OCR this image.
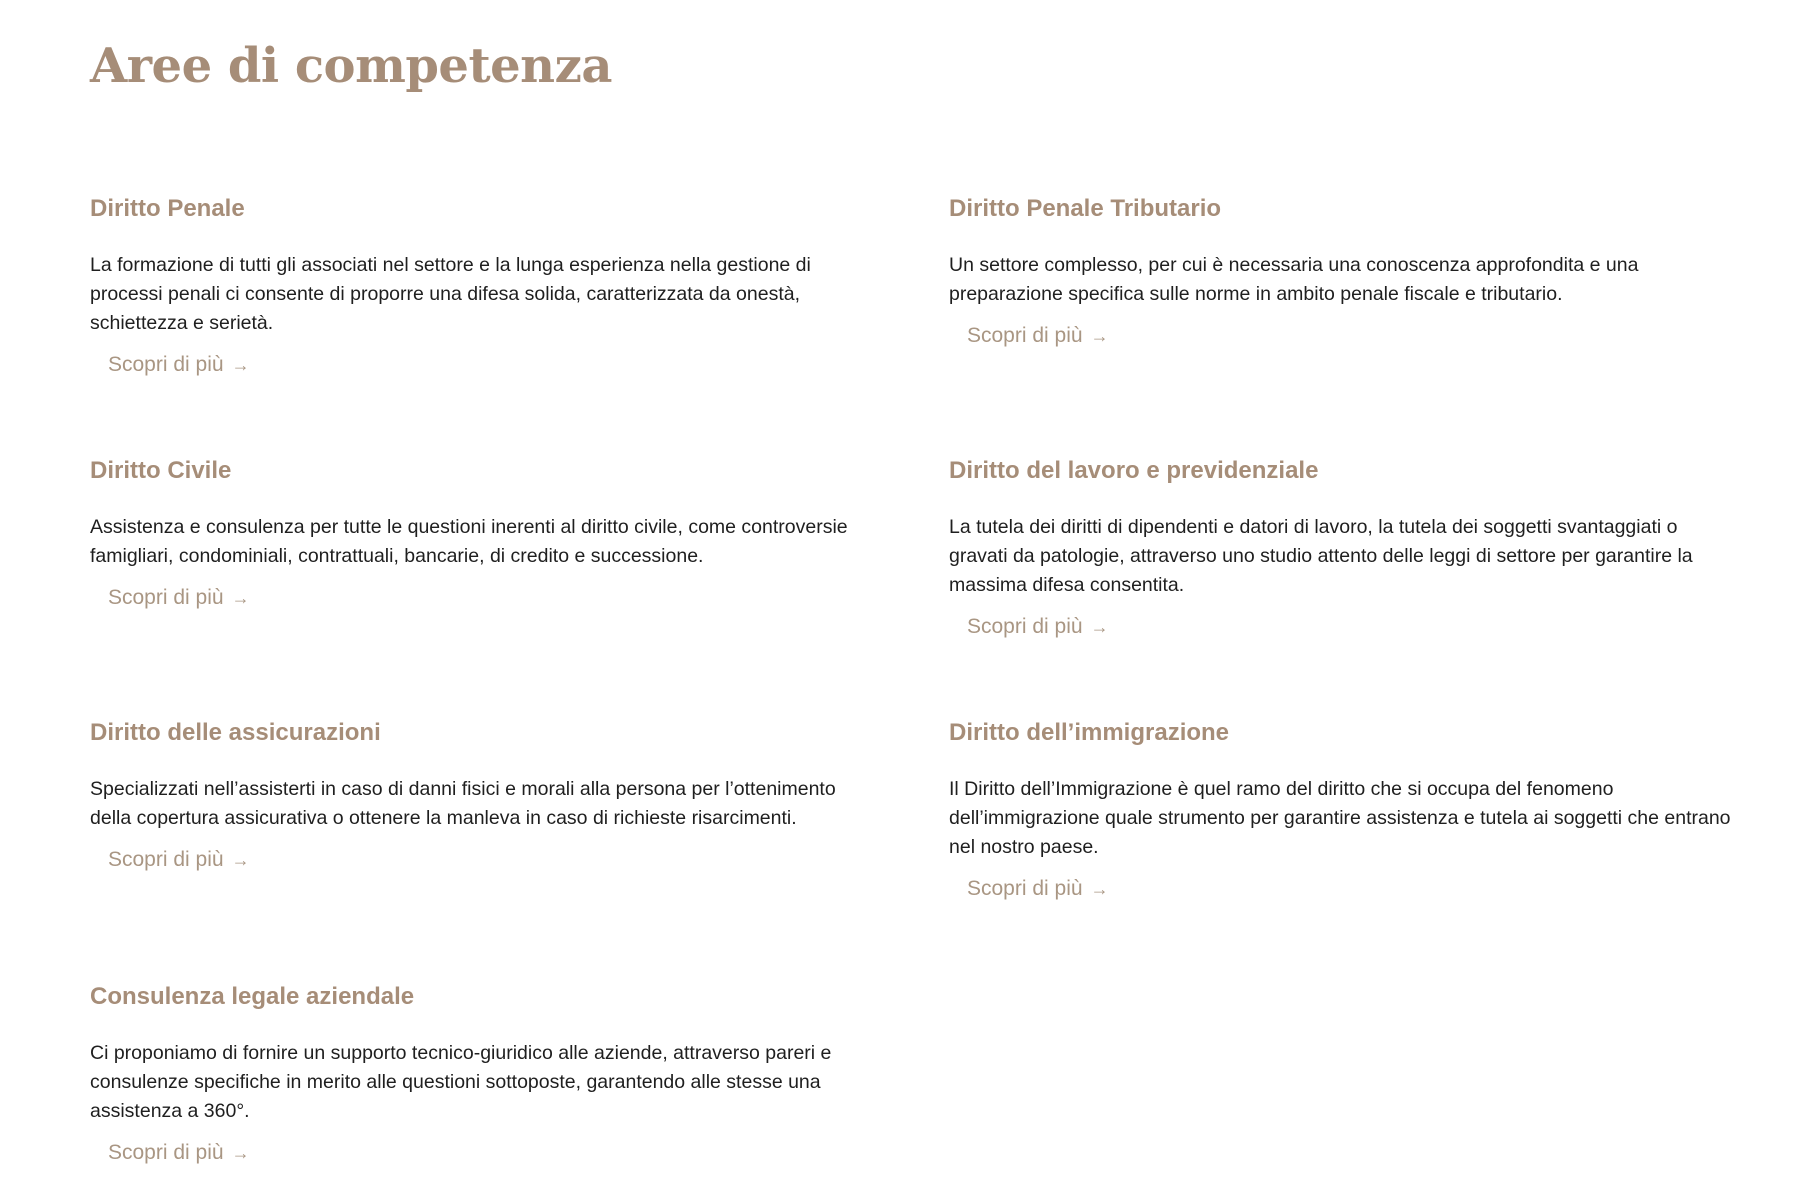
Aree di competenza
Diritto Penale

La formazione di tutti gli associati nel settore e la lunga esperienza nella gestione di processi penali ci consente di proporre una difesa solida, caratterizzata da onestà, schiettezza e serietà.

Scopri di più →
Diritto Penale Tributario

Un settore complesso, per cui è necessaria una conoscenza approfondita e una preparazione specifica sulle norme in ambito penale fiscale e tributario.

Scopri di più →
Diritto Civile

Assistenza e consulenza per tutte le questioni inerenti al diritto civile, come controversie famigliari, condominiali, contrattuali, bancarie, di credito e successione.

Scopri di più →
Diritto del lavoro e previdenziale

La tutela dei diritti di dipendenti e datori di lavoro, la tutela dei soggetti svantaggiati o gravati da patologie, attraverso uno studio attento delle leggi di settore per garantire la massima difesa consentita.

Scopri di più →
Diritto delle assicurazioni

Specializzati nell’assisterti in caso di danni fisici e morali alla persona per l’ottenimento della copertura assicurativa o ottenere la manleva in caso di richieste risarcimenti.

Scopri di più →
Diritto dell’immigrazione

Il Diritto dell’Immigrazione è quel ramo del diritto che si occupa del fenomeno dell’immigrazione quale strumento per garantire assistenza e tutela ai soggetti che entrano nel nostro paese.

Scopri di più →
Consulenza legale aziendale

Ci proponiamo di fornire un supporto tecnico-giuridico alle aziende, attraverso pareri e consulenze specifiche in merito alle questioni sottoposte, garantendo alle stesse una assistenza a 360°.

Scopri di più →
